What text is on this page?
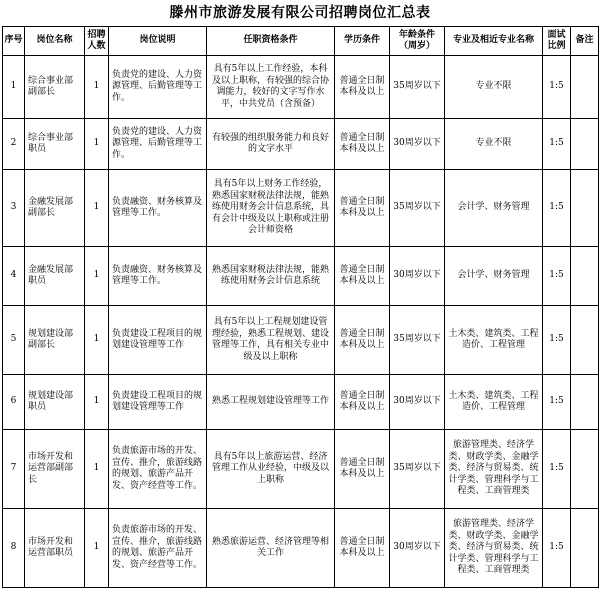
滕州市旅游发展有限公司招聘岗位汇总表
序号	岗位名称	招聘人数	岗位说明	任职资格条件	学历条件	年龄条件（周岁）	专业及相近专业名称	面试比例	备注
1	综合事业部副部长	1	负责党的建设、人力资源管理、后勤管理等工作。	具有5年以上工作经验，本科及以上职称，有较强的综合协调能力，较好的文字写作水平，中共党员（含预备）	普通全日制本科及以上	35周岁以下	专业不限	1:5	
2	综合事业部职员	1	负责党的建设、人力资源管理、后勤管理等工作。	有较强的组织服务能力和良好的文字水平	普通全日制本科及以上	30周岁以下	专业不限	1:5	
3	金融发展部副部长	1	负责融资、财务核算及管理等工作。	具有5年以上财务工作经验，熟悉国家财税法律法规，能熟练使用财务会计信息系统，具有会计中级及以上职称或注册会计师资格	普通全日制本科及以上	35周岁以下	会计学、财务管理	1:5	
4	金融发展部职员	1	负责融资、财务核算及管理等工作。	熟悉国家财税法律法规，能熟练使用财务会计信息系统	普通全日制本科及以上	30周岁以下	会计学、财务管理	1:5	
5	规划建设部副部长	1	负责建设工程项目的规划建设管理等工作	具有5年以上工程规划建设管理经验，熟悉工程规划、建设管理等工作，具有相关专业中级及以上职称	普通全日制本科及以上	35周岁以下	土木类、建筑类、工程造价、工程管理	1:5	
6	规划建设部职员	1	负责建设工程项目的规划建设管理等工作	熟悉工程规划建设管理等工作	普通全日制本科及以上	30周岁以下	土木类、建筑类、工程造价、工程管理	1:5	
7	市场开发和运营部副部长	1	负责旅游市场的开发、宣传、推介，旅游线路的规划、旅游产品开发、资产经营等工作。	具有5年以上旅游运营、经济管理工作从业经验，中级及以上职称	普通全日制本科及以上	35周岁以下	旅游管理类、经济学类、财政学类、金融学类、经济与贸易类、统计学类、管理科学与工程类、工商管理类	1:5	
8	市场开发和运营部职员	1	负责旅游市场的开发、宣传、推介，旅游线路的规划、旅游产品开发、资产经营等工作。	熟悉旅游运营、经济管理等相关工作	普通全日制本科及以上	30周岁以下	旅游管理类、经济学类、财政学类、金融学类、经济与贸易类、统计学类、管理科学与工程类、工商管理类	1:5	
